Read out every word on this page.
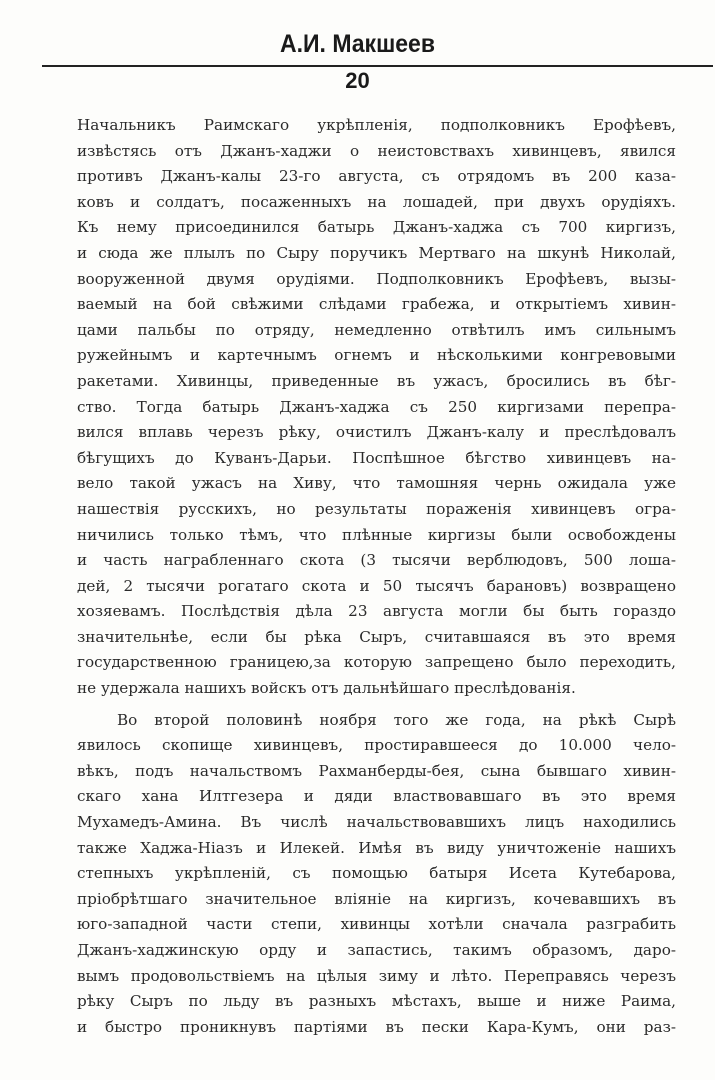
А.И. Макшеев
20
Начальникъ Раимскаго укрѣпленія, подполковникъ Ерофѣевъ,
извѣстясь отъ Джанъ-хаджи о неистовствахъ хивинцевъ, явился
противъ Джанъ-калы 23-го августа, съ отрядомъ въ 200 каза-
ковъ и солдатъ, посаженныхъ на лошадей, при двухъ орудіяхъ.
Къ нему присоединился батырь Джанъ-хаджа съ 700 киргизъ,
и сюда же плылъ по Сыру поручикъ Мертваго на шкунѣ Николай,
вооруженной двумя орудіями. Подполковникъ Ерофѣевъ, вызы-
ваемый на бой свѣжими слѣдами грабежа, и открытіемъ хивин-
цами пальбы по отряду, немедленно отвѣтилъ имъ сильнымъ
ружейнымъ и картечнымъ огнемъ и нѣсколькими конгревовыми
ракетами. Хивинцы, приведенные въ ужасъ, бросились въ бѣг-
ство. Тогда батырь Джанъ-хаджа съ 250 киргизами перепра-
вился вплавь черезъ рѣку, очистилъ Джанъ-калу и преслѣдовалъ
бѣгущихъ до Куванъ-Дарьи. Поспѣшное бѣгство хивинцевъ на-
вело такой ужасъ на Хиву, что тамошняя чернь ожидала уже
нашествія русскихъ, но результаты пораженія хивинцевъ огра-
ничились только тѣмъ, что плѣнные киргизы были освобождены
и часть награбленнаго скота (3 тысячи верблюдовъ, 500 лоша-
дей, 2 тысячи рогатаго скота и 50 тысячъ барановъ) возвращено
хозяевамъ. Послѣдствія дѣла 23 августа могли бы быть гораздо
значительнѣе, если бы рѣка Сыръ, считавшаяся въ это время
государственною границею,за которую запрещено было переходить,
не удержала нашихъ войскъ отъ дальнѣйшаго преслѣдованія.
Во второй половинѣ ноября того же года, на рѣкѣ Сырѣ
явилось скопище хивинцевъ, простиравшееся до 10.000 чело-
вѣкъ, подъ начальствомъ Рахманберды-бея, сына бывшаго хивин-
скаго хана Илтгезера и дяди властвовавшаго въ это время
Мухамедъ-Амина. Въ числѣ начальствовавшихъ лицъ находились
также Хаджа-Ніазъ и Илекей. Имѣя въ виду уничтоженіе нашихъ
степныхъ укрѣпленій, съ помощью батыря Исета Кутебарова,
пріобрѣтшаго значительное вліяніе на киргизъ, кочевавшихъ въ
юго-западной части степи, хивинцы хотѣли сначала разграбить
Джанъ-хаджинскую орду и запастись, такимъ образомъ, даро-
вымъ продовольствіемъ на цѣлыя зиму и лѣто. Переправясь черезъ
рѣку Сыръ по льду въ разныхъ мѣстахъ, выше и ниже Раима,
и быстро проникнувъ партіями въ пески Кара-Кумъ, они раз-
